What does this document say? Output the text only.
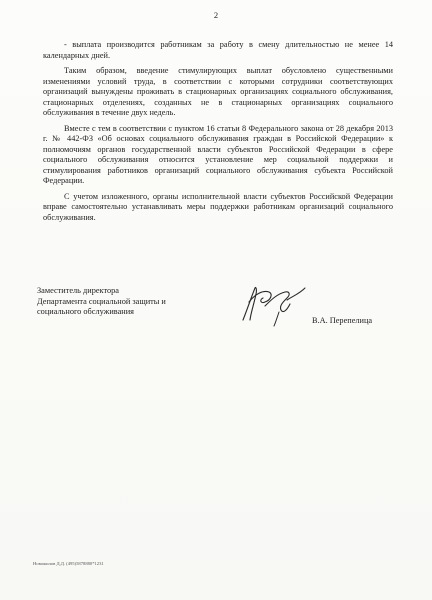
2

- выплата производится работникам за работу в смену длительностью не менее 14 календарных дней.

Таким образом, введение стимулирующих выплат обусловлено существенными изменениями условий труда, в соответствии с которыми сотрудники соответствующих организаций вынуждены проживать в стационарных организациях социального обслуживания, стационарных отделениях, созданных не в стационарных организациях социального обслуживания в течение двух недель.

Вместе с тем в соответствии с пунктом 16 статьи 8 Федерального закона от 28 декабря 2013 г. № 442-ФЗ «Об основах социального обслуживания граждан в Российской Федерации» к полномочиям органов государственной власти субъектов Российской Федерации в сфере социального обслуживания относится установление мер социальной поддержки и стимулирования работников организаций социального обслуживания субъекта Российской Федерации.

С учетом изложенного, органы исполнительной власти субъектов Российской Федерации вправе самостоятельно устанавливать меры поддержки работникам организаций социального обслуживания.

Заместитель директора
Департамента социальной защиты и
социального обслуживания
В.А. Перепелица
Новожилов Д.Д. (495)5878880*1231
